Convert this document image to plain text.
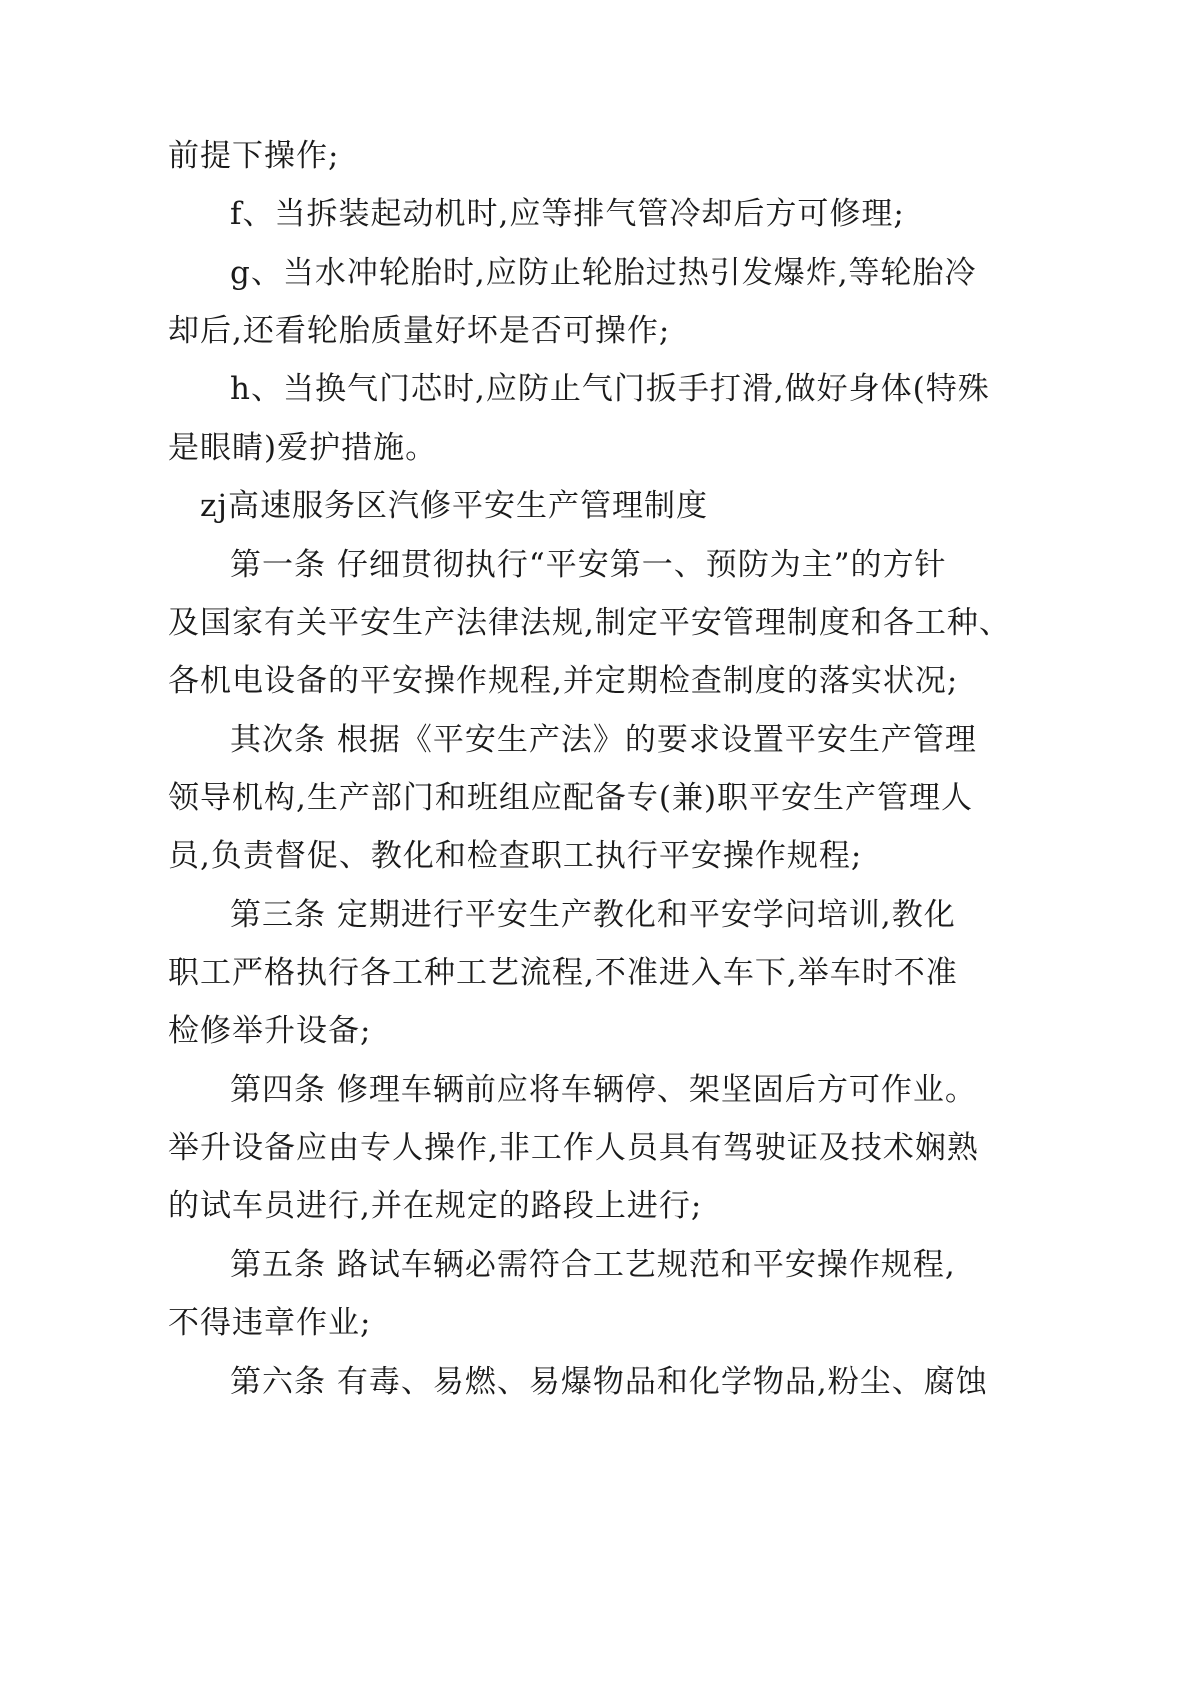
前提下操作;
f、当拆装起动机时,应等排气管冷却后方可修理;
g、当水冲轮胎时,应防止轮胎过热引发爆炸,等轮胎冷
却后,还看轮胎质量好坏是否可操作;
h、当换气门芯时,应防止气门扳手打滑,做好身体(特殊
是眼睛)爱护措施。
zj高速服务区汽修平安生产管理制度
第一条 仔细贯彻执行“平安第一、预防为主”的方针
及国家有关平安生产法律法规,制定平安管理制度和各工种、
各机电设备的平安操作规程,并定期检查制度的落实状况;
其次条 根据《平安生产法》的要求设置平安生产管理
领导机构,生产部门和班组应配备专(兼)职平安生产管理人
员,负责督促、教化和检查职工执行平安操作规程;
第三条 定期进行平安生产教化和平安学问培训,教化
职工严格执行各工种工艺流程,不准进入车下,举车时不准
检修举升设备;
第四条 修理车辆前应将车辆停、架坚固后方可作业。
举升设备应由专人操作,非工作人员具有驾驶证及技术娴熟
的试车员进行,并在规定的路段上进行;
第五条 路试车辆必需符合工艺规范和平安操作规程,
不得违章作业;
第六条 有毒、易燃、易爆物品和化学物品,粉尘、腐蚀
